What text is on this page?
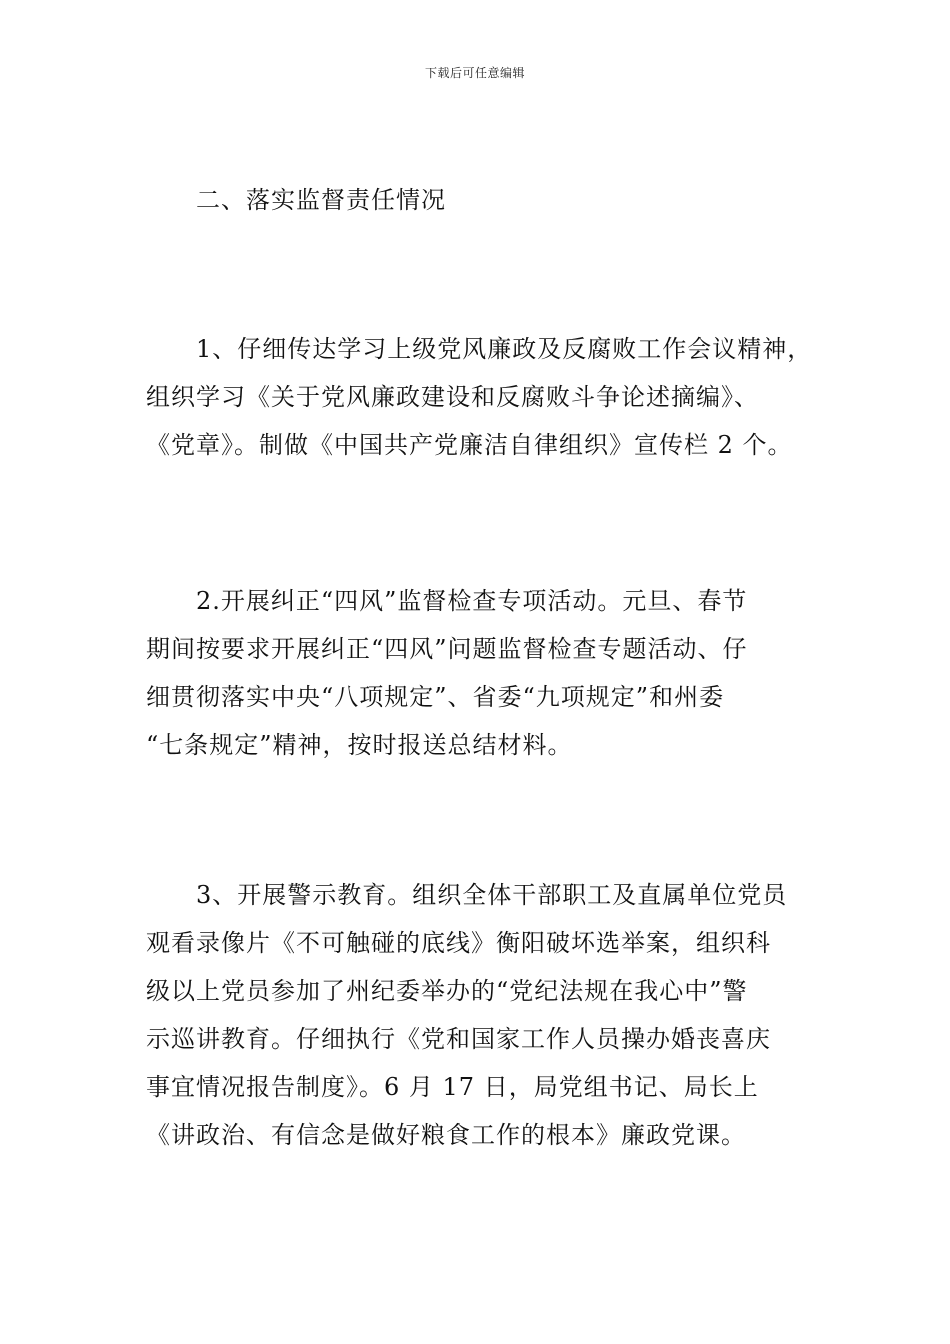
下载后可任意编辑
二、落实监督责任情况
1、仔细传达学习上级党风廉政及反腐败工作会议精神，
组织学习《关于党风廉政建设和反腐败斗争论述摘编》、
《党章》。制做《中国共产党廉洁自律组织》宣传栏 2 个。
2.开展纠正“四风”监督检查专项活动。元旦、春节
期间按要求开展纠正“四风”问题监督检查专题活动、仔
细贯彻落实中央“八项规定”、省委“九项规定”和州委
“七条规定”精神，按时报送总结材料。
3、开展警示教育。组织全体干部职工及直属单位党员
观看录像片《不可触碰的底线》衡阳破坏选举案，组织科
级以上党员参加了州纪委举办的“党纪法规在我心中”警
示巡讲教育。仔细执行《党和国家工作人员操办婚丧喜庆
事宜情况报告制度》。6 月 17 日，局党组书记、局长上
《讲政治、有信念是做好粮食工作的根本》廉政党课。
